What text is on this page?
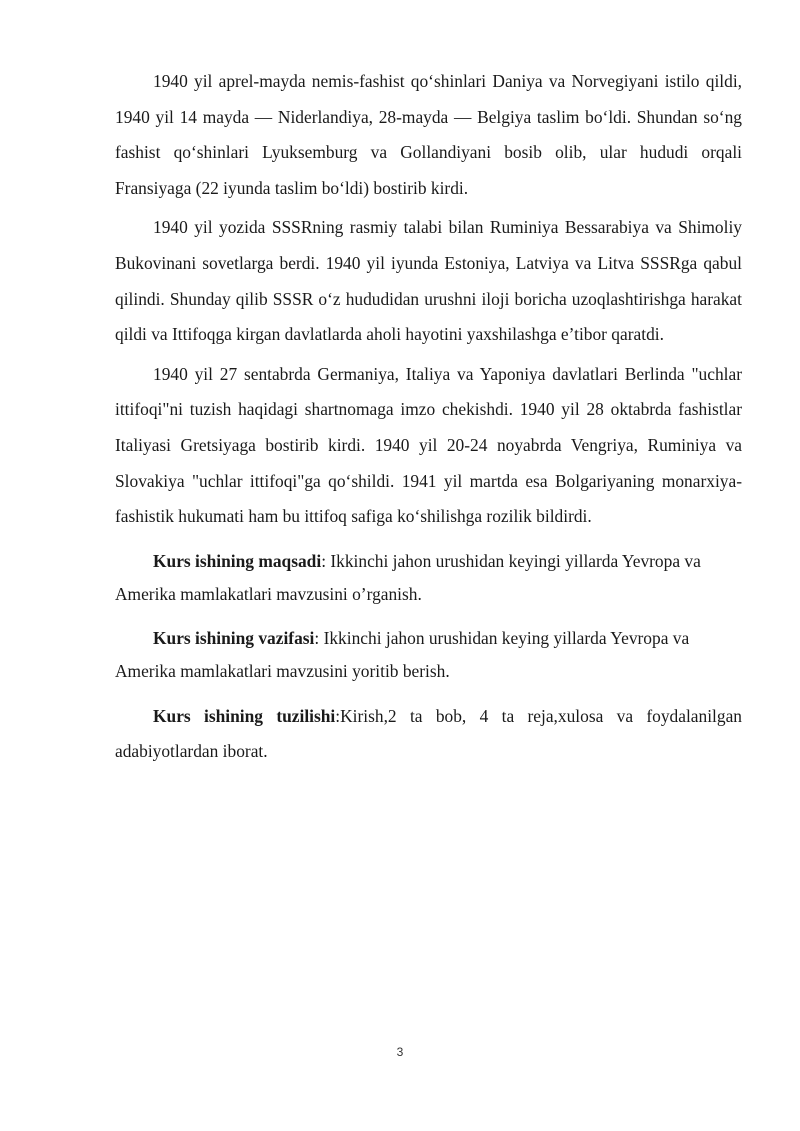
1940 yil aprel-mayda nemis-fashist qo‘shinlari Daniya va Norvegiyani istilo qildi, 1940 yil 14 mayda — Niderlandiya, 28-mayda — Belgiya taslim bo‘ldi. Shundan so‘ng fashist qo‘shinlari Lyuksemburg va Gollandiyani bosib olib, ular hududi orqali Fransiyaga (22 iyunda taslim bo‘ldi) bostirib kirdi.

1940 yil yozida SSSRning rasmiy talabi bilan Ruminiya Bessarabiya va Shimoliy Bukovinani sovetlarga berdi. 1940 yil iyunda Estoniya, Latviya va Litva SSSRga qabul qilindi. Shunday qilib SSSR o‘z hududidan urushni iloji boricha uzoqlashtirishga harakat qildi va Ittifoqga kirgan davlatlarda aholi hayotini yaxshilashga e’tibor qaratdi.

1940 yil 27 sentabrda Germaniya, Italiya va Yaponiya davlatlari Berlinda "uchlar ittifoqi"ni tuzish haqidagi shartnomaga imzo chekishdi. 1940 yil 28 oktabrda fashistlar Italiyasi Gretsiyaga bostirib kirdi. 1940 yil 20-24 noyabrda Vengriya, Ruminiya va Slovakiya "uchlar ittifoqi"ga qo‘shildi. 1941 yil martda esa Bolgariyaning monarxiya-fashistik hukumati ham bu ittifoq safiga ko‘shilishga rozilik bildirdi.

Kurs ishining maqsadi: Ikkinchi jahon urushidan keyingi yillarda Yevropa va Amerika mamlakatlari mavzusini o’rganish.

Kurs ishining vazifasi: Ikkinchi jahon urushidan keying yillarda Yevropa va Amerika mamlakatlari mavzusini yoritib berish.

Kurs ishining tuzilishi:Kirish,2 ta bob, 4 ta reja,xulosa va foydalanilgan adabiyotlardan iborat.

3
